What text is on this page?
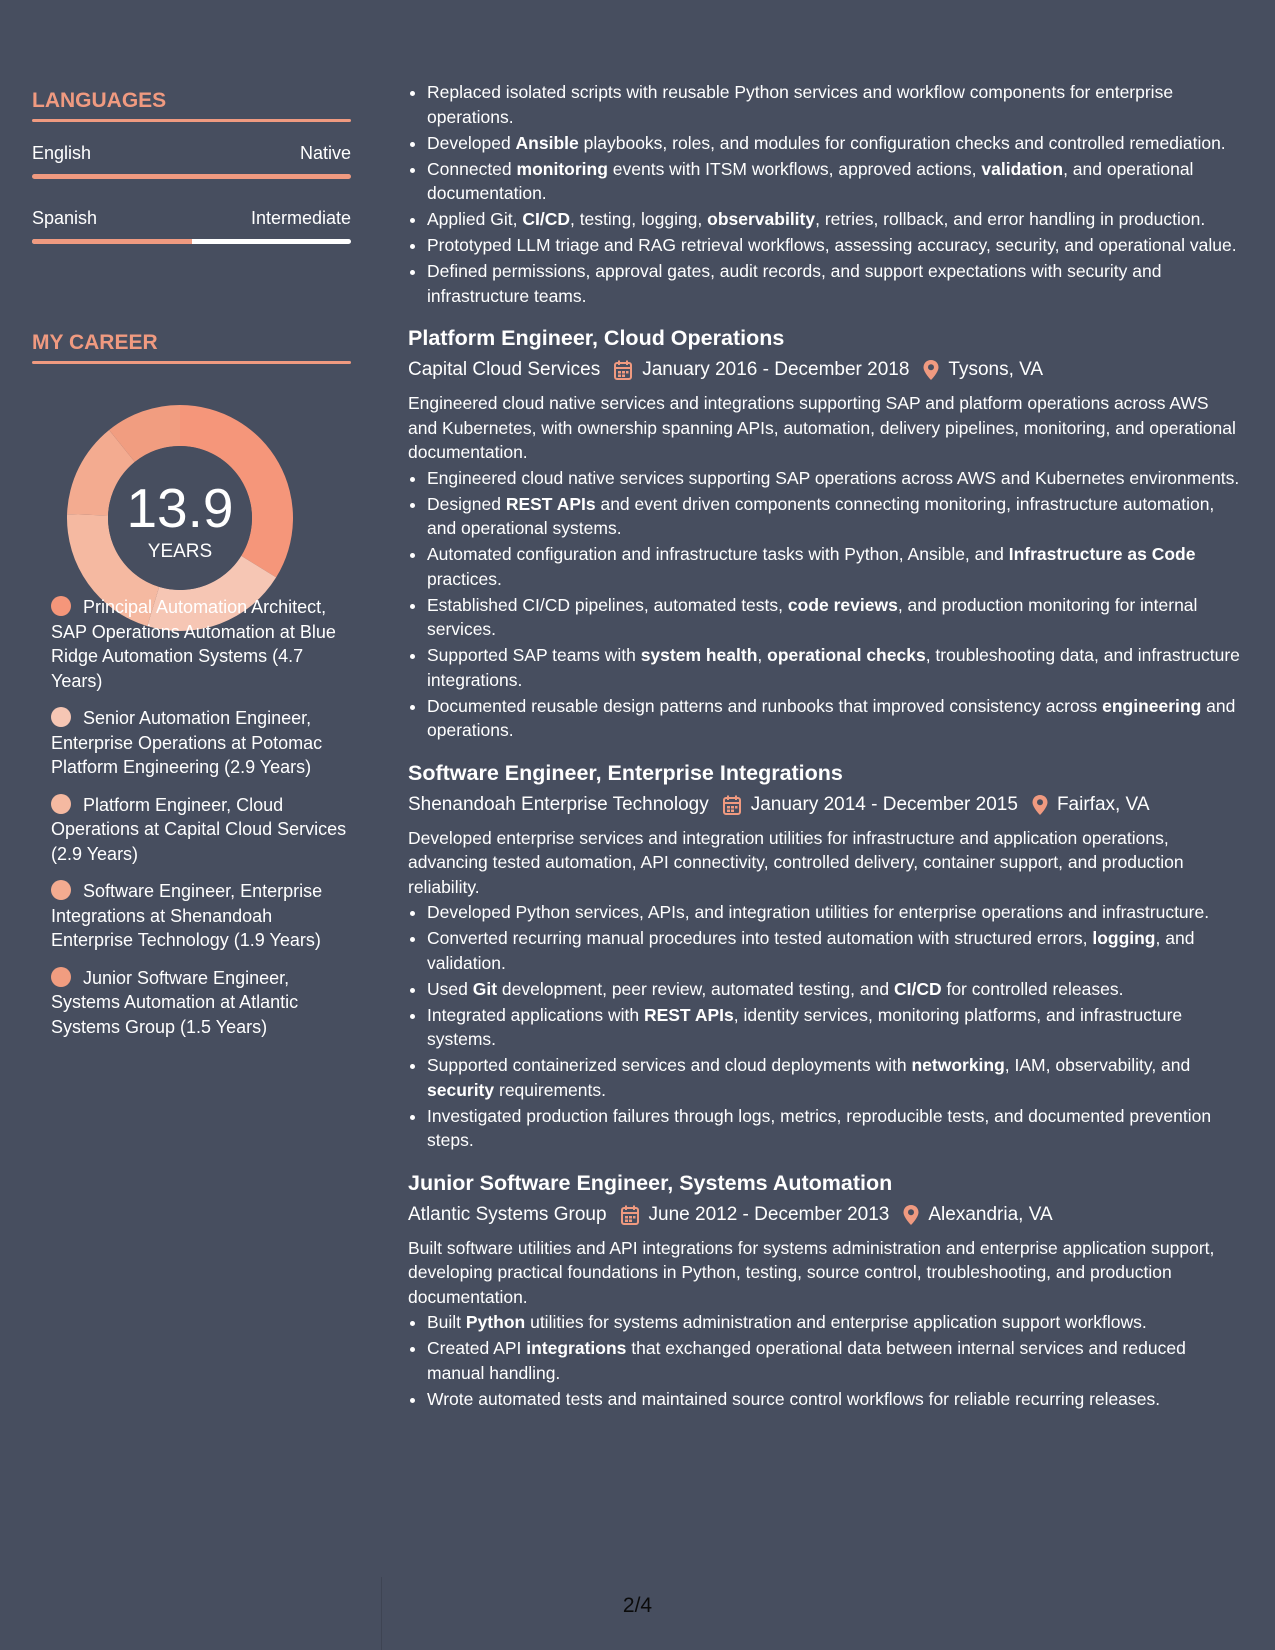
LANGUAGES
English	Native
Spanish	Intermediate
MY CAREER
13.9
YEARS
Principal Automation Architect, SAP Operations Automation at Blue Ridge Automation Systems (4.7 Years)
Senior Automation Engineer, Enterprise Operations at Potomac Platform Engineering (2.9 Years)
Platform Engineer, Cloud Operations at Capital Cloud Services (2.9 Years)
Software Engineer, Enterprise Integrations at Shenandoah Enterprise Technology (1.9 Years)
Junior Software Engineer, Systems Automation at Atlantic Systems Group (1.5 Years)
• Replaced isolated scripts with reusable Python services and workflow components for enterprise operations.
• Developed Ansible playbooks, roles, and modules for configuration checks and controlled remediation.
• Connected monitoring events with ITSM workflows, approved actions, validation, and operational documentation.
• Applied Git, CI/CD, testing, logging, observability, retries, rollback, and error handling in production.
• Prototyped LLM triage and RAG retrieval workflows, assessing accuracy, security, and operational value.
• Defined permissions, approval gates, audit records, and support expectations with security and infrastructure teams.
Platform Engineer, Cloud Operations
Capital Cloud Services January 2016 - December 2018 Tysons, VA

Engineered cloud native services and integrations supporting SAP and platform operations across AWS and Kubernetes, with ownership spanning APIs, automation, delivery pipelines, monitoring, and operational documentation.

• Engineered cloud native services supporting SAP operations across AWS and Kubernetes environments.
• Designed REST APIs and event driven components connecting monitoring, infrastructure automation, and operational systems.
• Automated configuration and infrastructure tasks with Python, Ansible, and Infrastructure as Code practices.
• Established CI/CD pipelines, automated tests, code reviews, and production monitoring for internal services.
• Supported SAP teams with system health, operational checks, troubleshooting data, and infrastructure integrations.
• Documented reusable design patterns and runbooks that improved consistency across engineering and operations.
Software Engineer, Enterprise Integrations
Shenandoah Enterprise Technology January 2014 - December 2015 Fairfax, VA

Developed enterprise services and integration utilities for infrastructure and application operations, advancing tested automation, API connectivity, controlled delivery, container support, and production reliability.

• Developed Python services, APIs, and integration utilities for enterprise operations and infrastructure.
• Converted recurring manual procedures into tested automation with structured errors, logging, and validation.
• Used Git development, peer review, automated testing, and CI/CD for controlled releases.
• Integrated applications with REST APIs, identity services, monitoring platforms, and infrastructure systems.
• Supported containerized services and cloud deployments with networking, IAM, observability, and security requirements.
• Investigated production failures through logs, metrics, reproducible tests, and documented prevention steps.
Junior Software Engineer, Systems Automation
Atlantic Systems Group June 2012 - December 2013 Alexandria, VA

Built software utilities and API integrations for systems administration and enterprise application support, developing practical foundations in Python, testing, source control, troubleshooting, and production documentation.

• Built Python utilities for systems administration and enterprise application support workflows.
• Created API integrations that exchanged operational data between internal services and reduced manual handling.
• Wrote automated tests and maintained source control workflows for reliable recurring releases.
2/4
